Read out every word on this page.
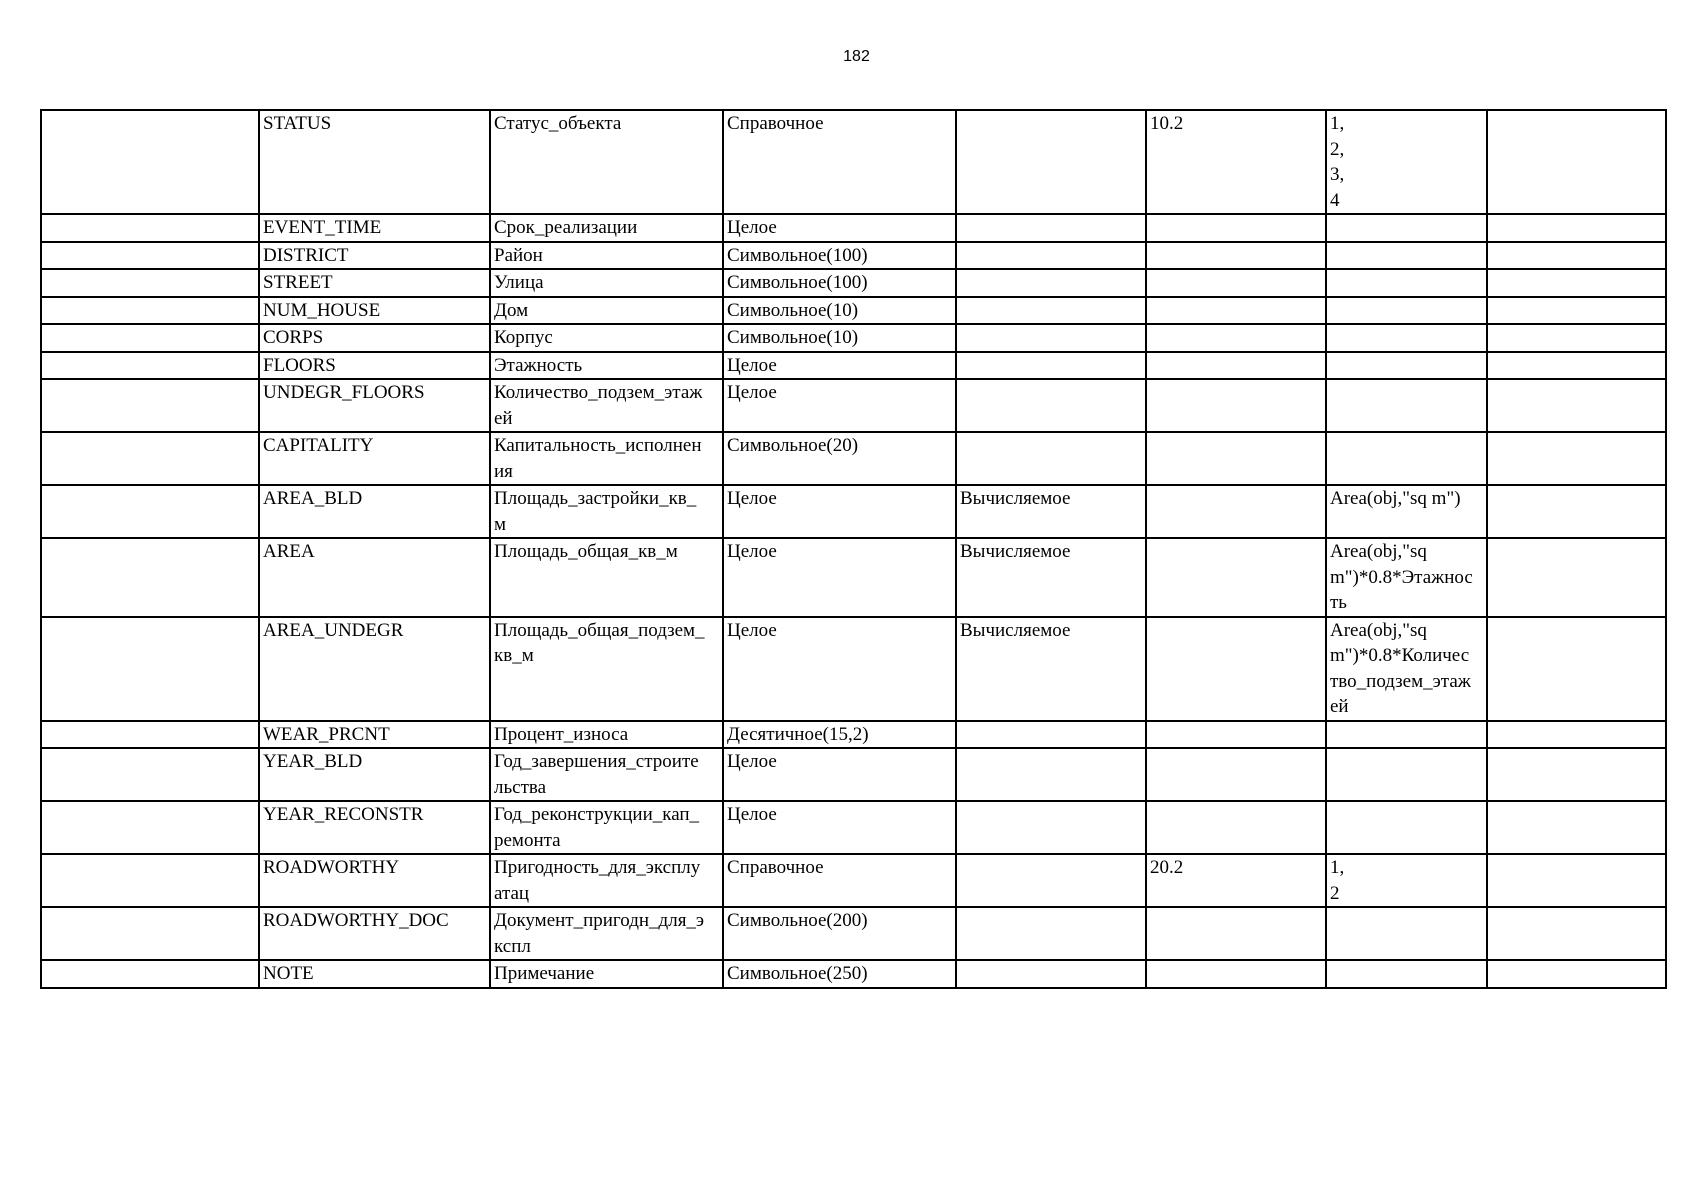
182
	STATUS	Статус_объекта	Справочное		10.2	1,
2,
3,
4	
	EVENT_TIME	Срок_реализации	Целое				
	DISTRICT	Район	Символьное(100)				
	STREET	Улица	Символьное(100)				
	NUM_HOUSE	Дом	Символьное(10)				
	CORPS	Корпус	Символьное(10)				
	FLOORS	Этажность	Целое				
	UNDEGR_FLOORS	Количество_подзем_этаж
ей	Целое				
	CAPITALITY	Капитальность_исполнен
ия	Символьное(20)				
	AREA_BLD	Площадь_застройки_кв_
м	Целое	Вычисляемое		Area(obj,"sq m")	
	AREA	Площадь_общая_кв_м	Целое	Вычисляемое		Area(obj,"sq
m")*0.8*Этажнос
ть	
	AREA_UNDEGR	Площадь_общая_подзем_
кв_м	Целое	Вычисляемое		Area(obj,"sq
m")*0.8*Количес
тво_подзем_этаж
ей	
	WEAR_PRCNT	Процент_износа	Десятичное(15,2)				
	YEAR_BLD	Год_завершения_строите
льства	Целое				
	YEAR_RECONSTR	Год_реконструкции_кап_
ремонта	Целое				
	ROADWORTHY	Пригодность_для_эксплу
атац	Справочное		20.2	1,
2	
	ROADWORTHY_DOC	Документ_пригодн_для_э
кспл	Символьное(200)				
	NOTE	Примечание	Символьное(250)				
